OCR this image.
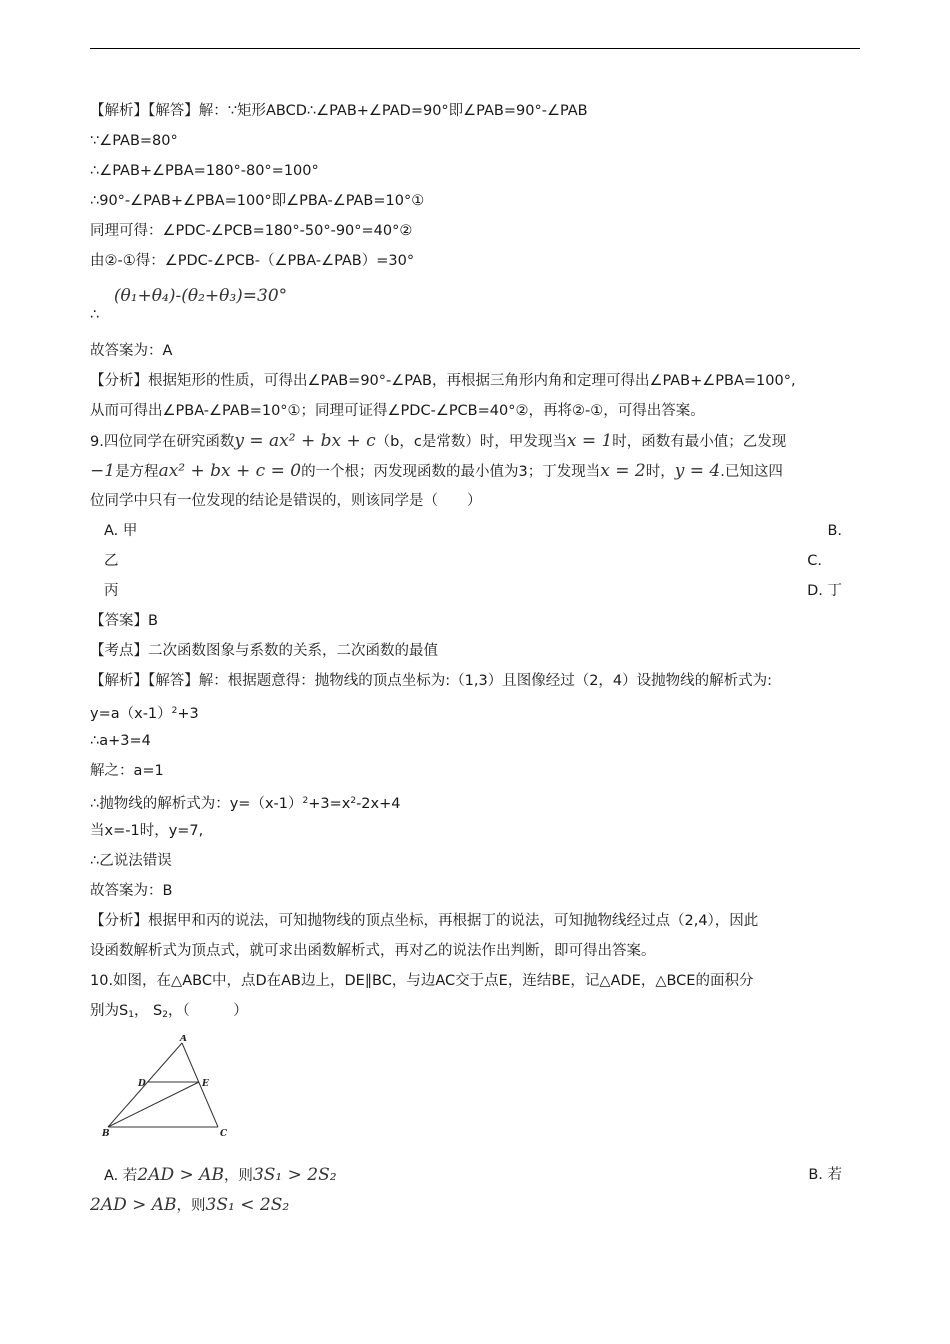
【解析】【解答】解：∵矩形ABCD∴∠PAB+∠PAD=90°即∠PAB=90°-∠PAB
∵∠PAB=80°
∴∠PAB+∠PBA=180°-80°=100°
∴90°-∠PAB+∠PBA=100°即∠PBA-∠PAB=10°①
同理可得：∠PDC-∠PCB=180°-50°-90°=40°②
由②-①得：∠PDC-∠PCB-（∠PBA-∠PAB）=30°
∴ (θ₁+θ₄)-(θ₂+θ₃)=30°
故答案为：A
【分析】根据矩形的性质，可得出∠PAB=90°-∠PAB，再根据三角形内角和定理可得出∠PAB+∠PBA=100°,
从而可得出∠PBA-∠PAB=10°①；同理可证得∠PDC-∠PCB=40°②，再将②-①，可得出答案。
9.四位同学在研究函数y = ax² + bx + c（b，c是常数）时，甲发现当x = 1时，函数有最小值；乙发现
−1是方程ax² + bx + c = 0的一个根；丙发现函数的最小值为3；丁发现当x = 2时，y = 4.已知这四
位同学中只有一位发现的结论是错误的，则该同学是（　　）
A. 甲	B.
乙	C.
丙	D. 丁
【答案】B
【考点】二次函数图象与系数的关系，二次函数的最值
【解析】【解答】解：根据题意得：抛物线的顶点坐标为:（1,3）且图像经过（2，4）设抛物线的解析式为:
$y=a(x-1)^2+3$
∴a+3=4
解之：a=1
∴抛物线的解析式为：$y=(x-1)^2+3=x^2-2x+4$
当x=-1时，y=7,
∴乙说法错误
故答案为：B
【分析】根据甲和丙的说法，可知抛物线的顶点坐标，再根据丁的说法，可知抛物线经过点（2,4），因此
设函数解析式为顶点式，就可求出函数解析式，再对乙的说法作出判断，即可得出答案。
10.如图，在△ABC中，点D在AB边上，DE∥BC，与边AC交于点E，连结BE，记△ADE，△BCE的面积分
别为$S_1$， $S_2$，（　　　）
A
D	E
B	C
A. 若2AD > AB，则3S₁ > 2S₂	B. 若
2AD > AB，则3S₁ < 2S₂
